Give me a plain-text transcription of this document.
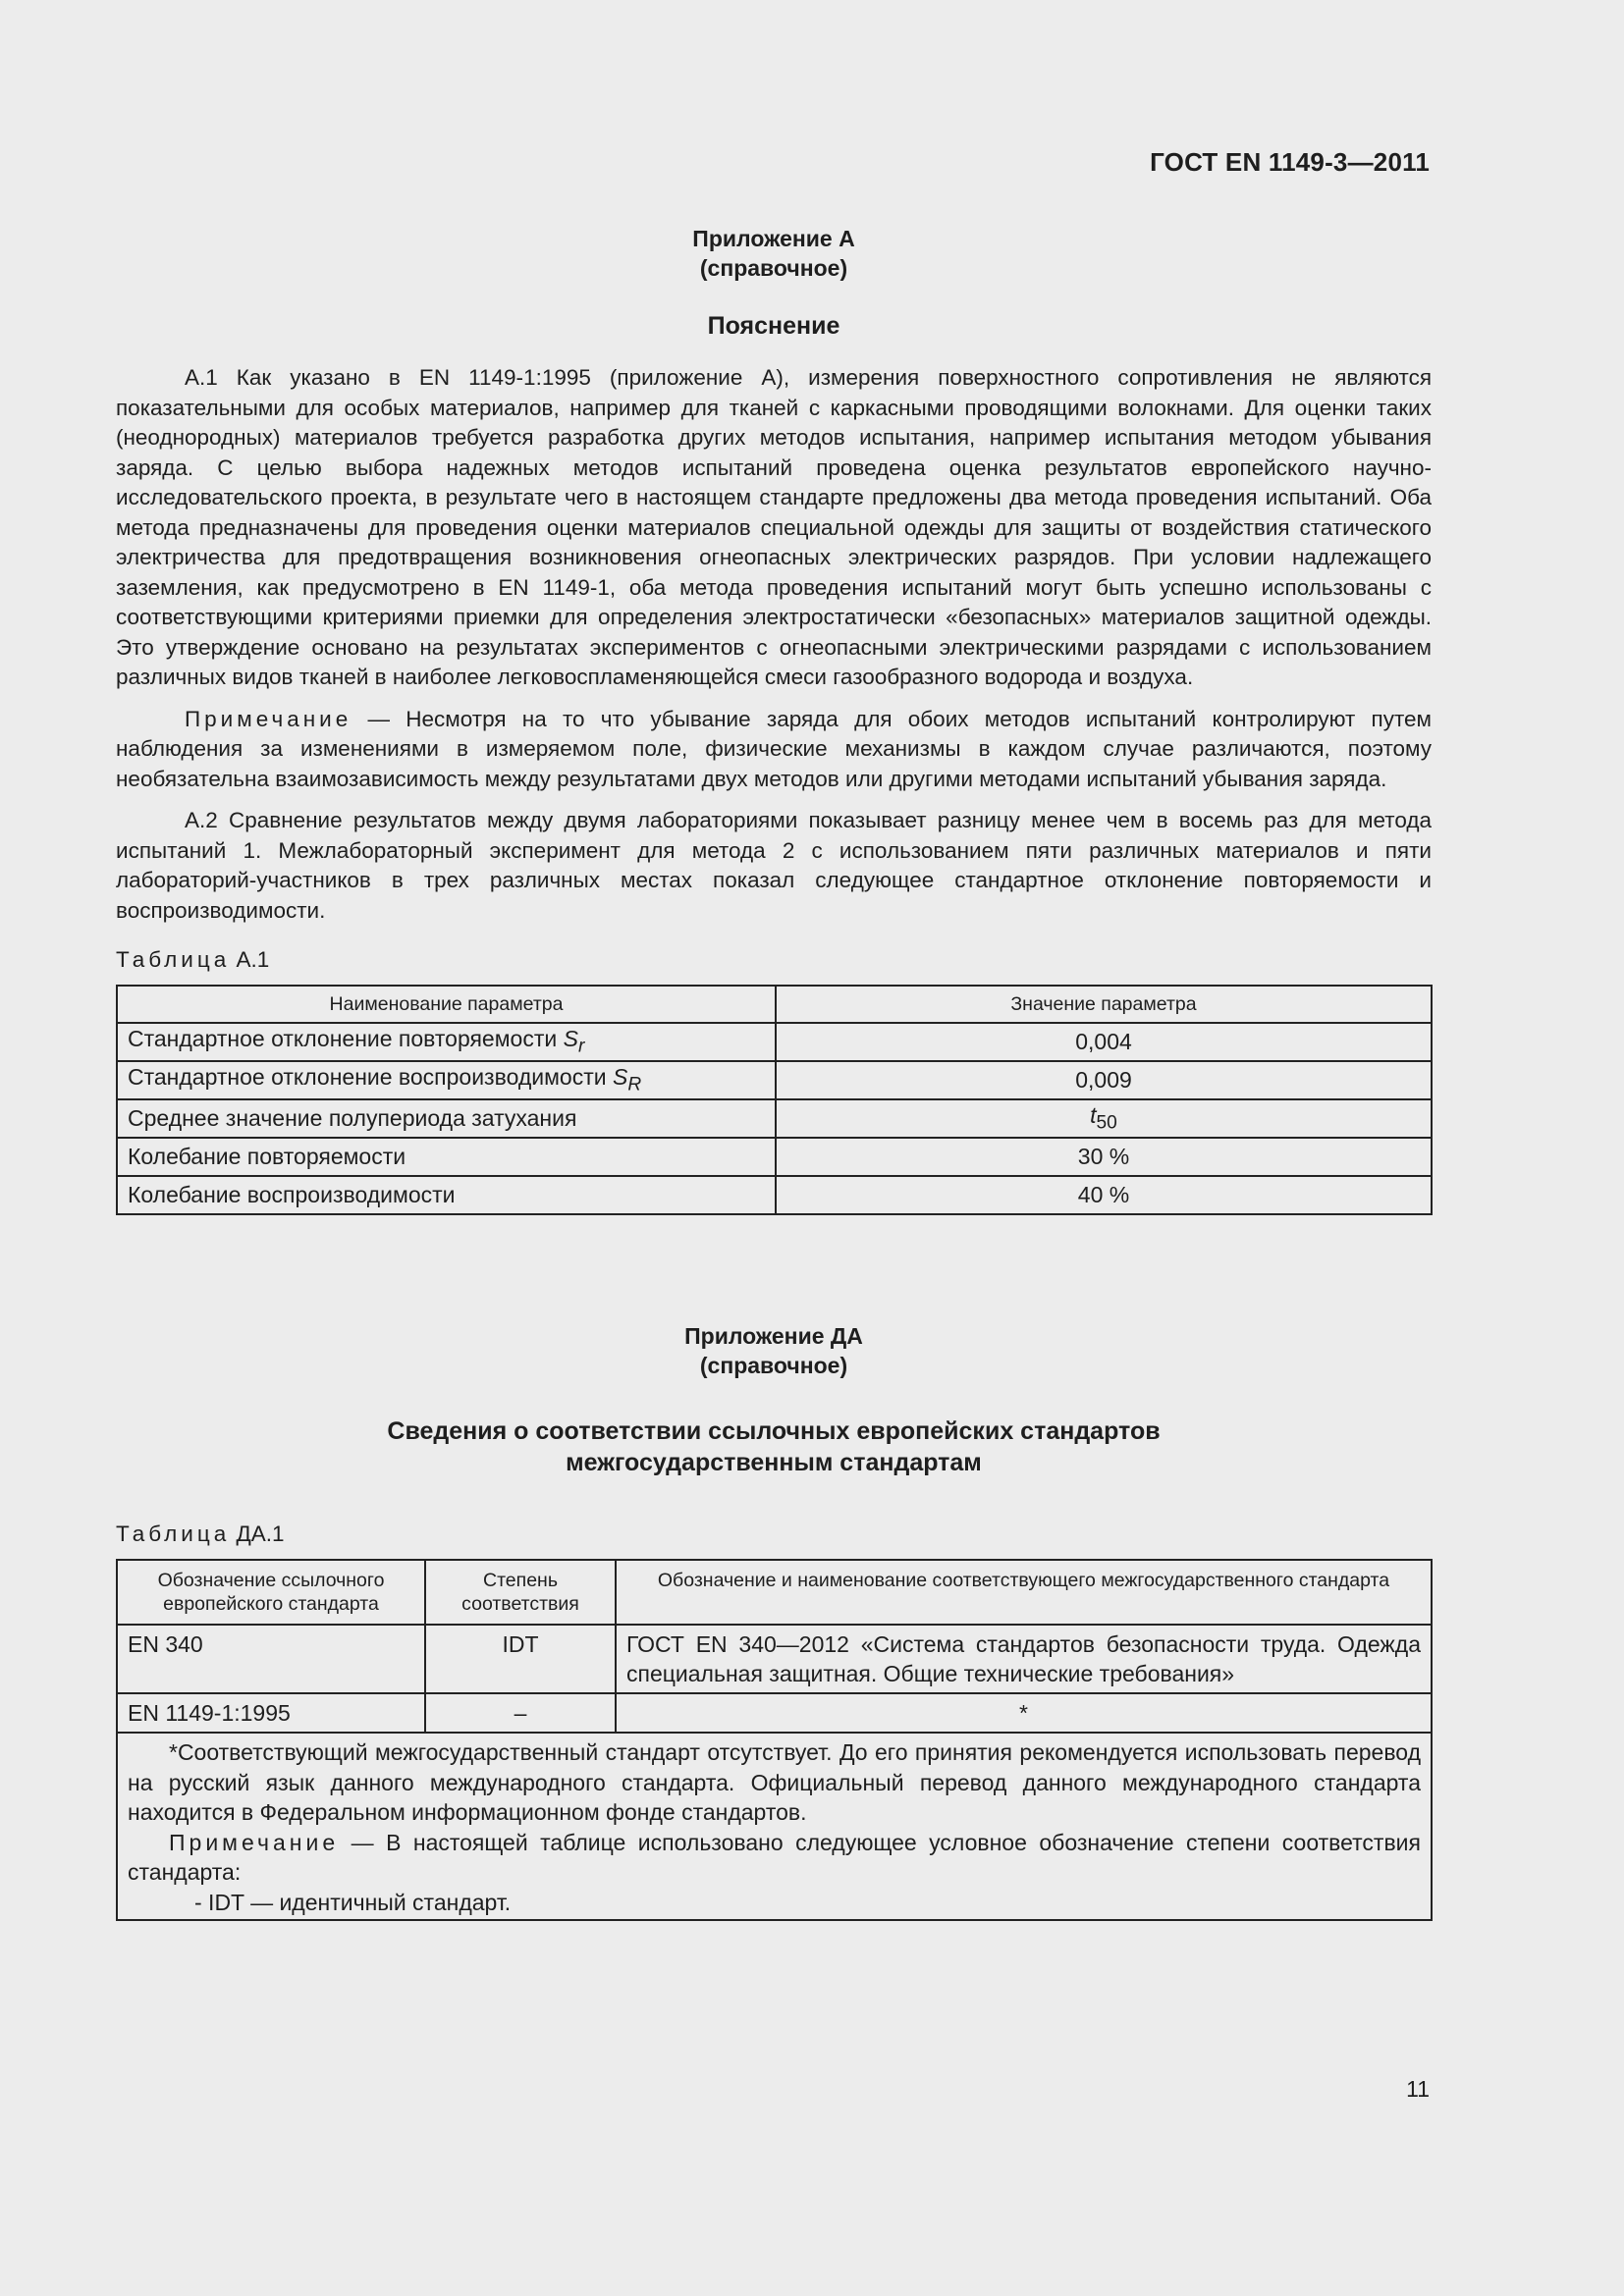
ГОСТ EN 1149-3—2011
Приложение А
(справочное)
Пояснение

А.1 Как указано в EN 1149-1:1995 (приложение А), измерения поверхностного сопротивления не являются показательными для особых материалов, например для тканей с каркасными проводящими волокнами. Для оценки таких (неоднородных) материалов требуется разработка других методов испытания, например испытания методом убывания заряда. С целью выбора надежных методов испытаний проведена оценка результатов европейского научно-исследовательского проекта, в результате чего в настоящем стандарте предложены два метода проведения испытаний. Оба метода предназначены для проведения оценки материалов специальной одежды для защиты от воздействия статического электричества для предотвращения возникновения огнеопасных электрических разрядов. При условии надлежащего заземления, как предусмотрено в EN 1149-1, оба метода проведения испытаний могут быть успешно использованы с соответствующими критериями приемки для определения электростатически «безопасных» материалов защитной одежды. Это утверждение основано на результатах экспериментов с огнеопасными электрическими разрядами с использованием различных видов тканей в наиболее легковоспламеняющейся смеси газообразного водорода и воздуха.

Примечание — Несмотря на то что убывание заряда для обоих методов испытаний контролируют путем наблюдения за изменениями в измеряемом поле, физические механизмы в каждом случае различаются, поэтому необязательна взаимозависимость между результатами двух методов или другими методами испытаний убывания заряда.

А.2 Сравнение результатов между двумя лабораториями показывает разницу менее чем в восемь раз для метода испытаний 1. Межлабораторный эксперимент для метода 2 с использованием пяти различных материалов и пяти лабораторий-участников в трех различных местах показал следующее стандартное отклонение повторяемости и воспроизводимости.

Таблица А.1
Наименование параметра	Значение параметра
Стандартное отклонение повторяемости $S_r$	0,004
Стандартное отклонение воспроизводимости $S_R$	0,009
Среднее значение полупериода затухания	$t_{50}$
Колебание повторяемости	30 %
Колебание воспроизводимости	40 %
Приложение ДА
(справочное)
Сведения о соответствии ссылочных европейских стандартов
межгосударственным стандартам
Таблица ДА.1
Обозначение ссылочного европейского стандарта	Степень соответствия	Обозначение и наименование соответствующего межгосударственного стандарта
EN 340	IDT	ГОСТ EN 340—2012 «Система стандартов безопасности труда. Одежда специальная защитная. Общие технические требования»
EN 1149-1:1995	–	*

*Соответствующий межгосударственный стандарт отсутствует. До его принятия рекомендуется использовать перевод на русский язык данного международного стандарта. Официальный перевод данного международного стандарта находится в Федеральном информационном фонде стандартов.

Примечание — В настоящей таблице использовано следующее условное обозначение степени соответствия стандарта:

- IDT — идентичный стандарт.		

11
